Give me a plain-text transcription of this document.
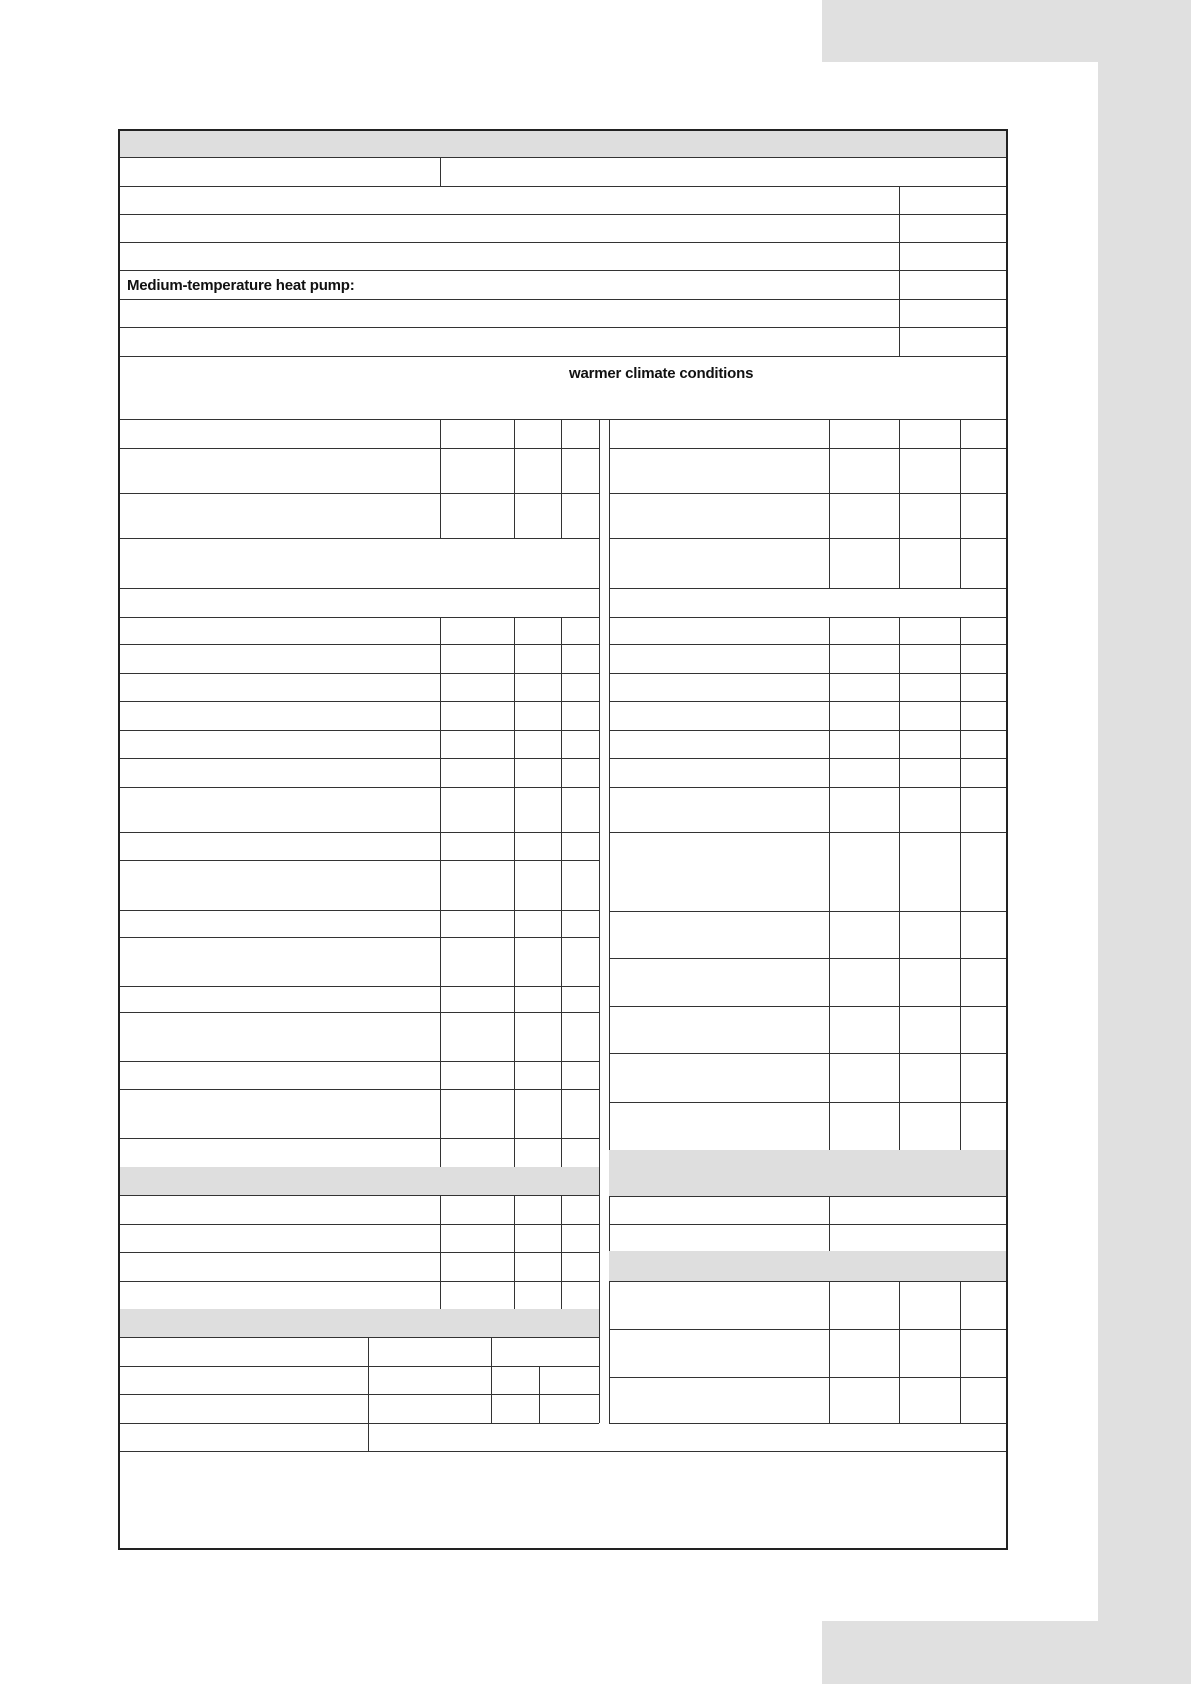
Medium-temperature heat pump:
warmer climate conditions
